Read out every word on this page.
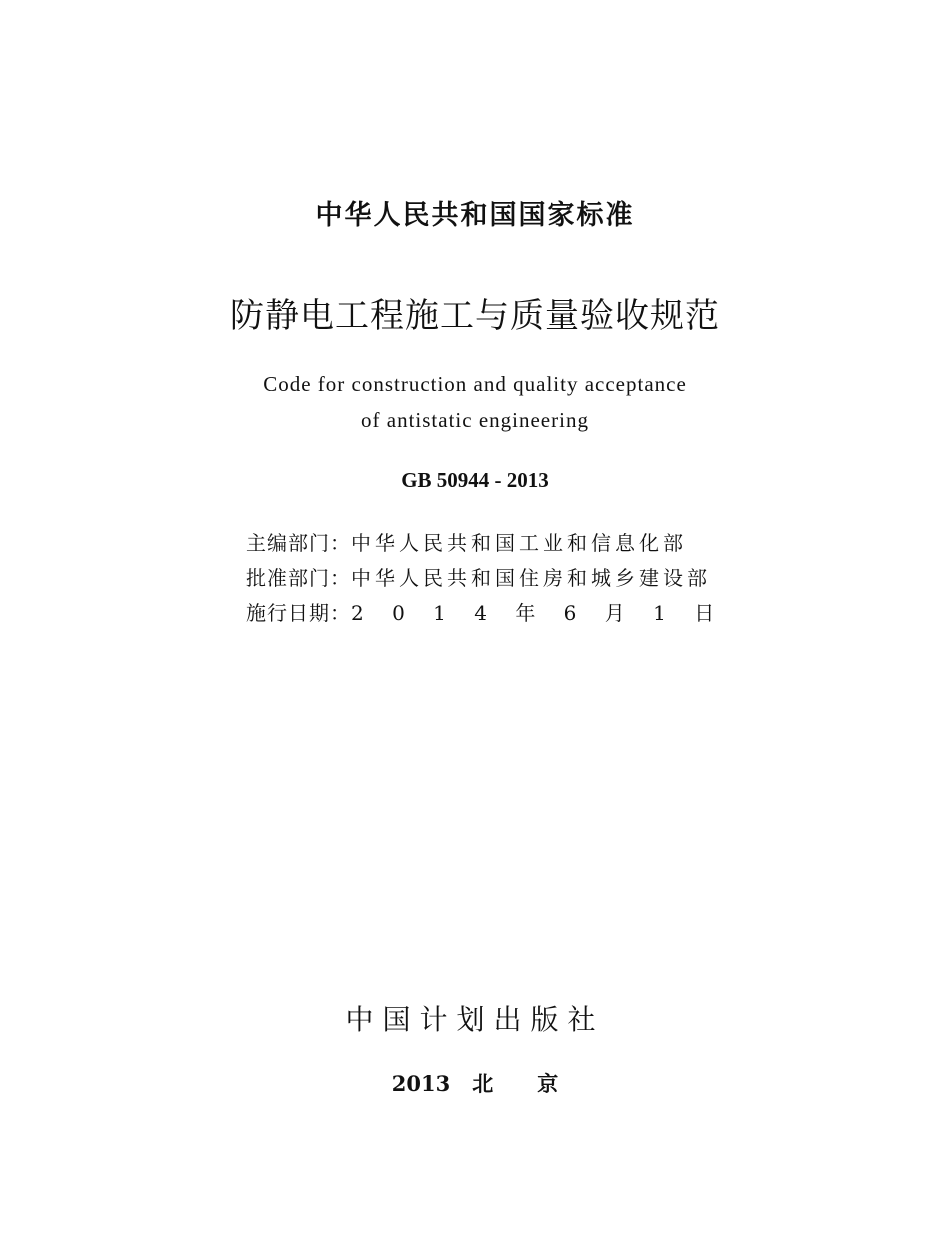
中华人民共和国国家标准
防静电工程施工与质量验收规范
Code for construction and quality acceptance
of antistatic engineering
GB 50944 - 2013
主编部门： 中华人民共和国工业和信息化部
批准部门： 中华人民共和国住房和城乡建设部
施行日期： 2 0 1 4 年 6 月 1 日
中国计划出版社
2013 北 京
